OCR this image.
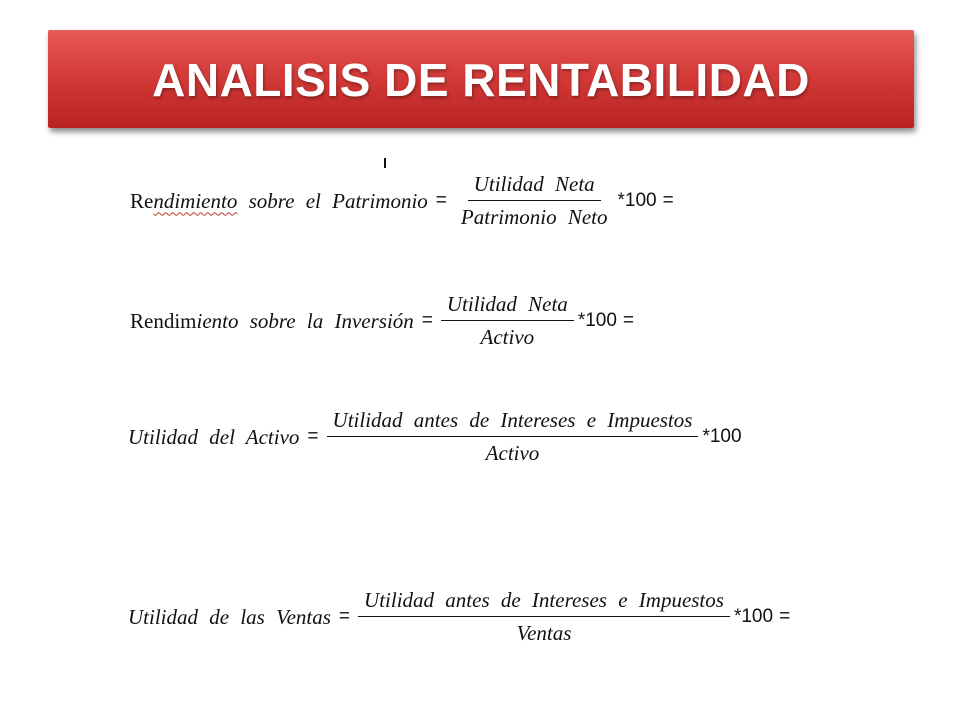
ANALISIS DE RENTABILIDAD
Rendimiento sobre el Patrimonio = $\frac{\text{Utilidad Neta}}{\text{Patrimonio Neto}} *100$ =
Rendimiento sobre la Inversión = $\frac{\text{Utilidad Neta}}{\text{Activo}} *100$ =
Utilidad del Activo = $\frac{\text{Utilidad antes de Intereses e Impuestos}}{\text{Activo}} *100$
Utilidad de las Ventas = $\frac{\text{Utilidad antes de Intereses e Impuestos}}{\text{Ventas}} *100$ =
